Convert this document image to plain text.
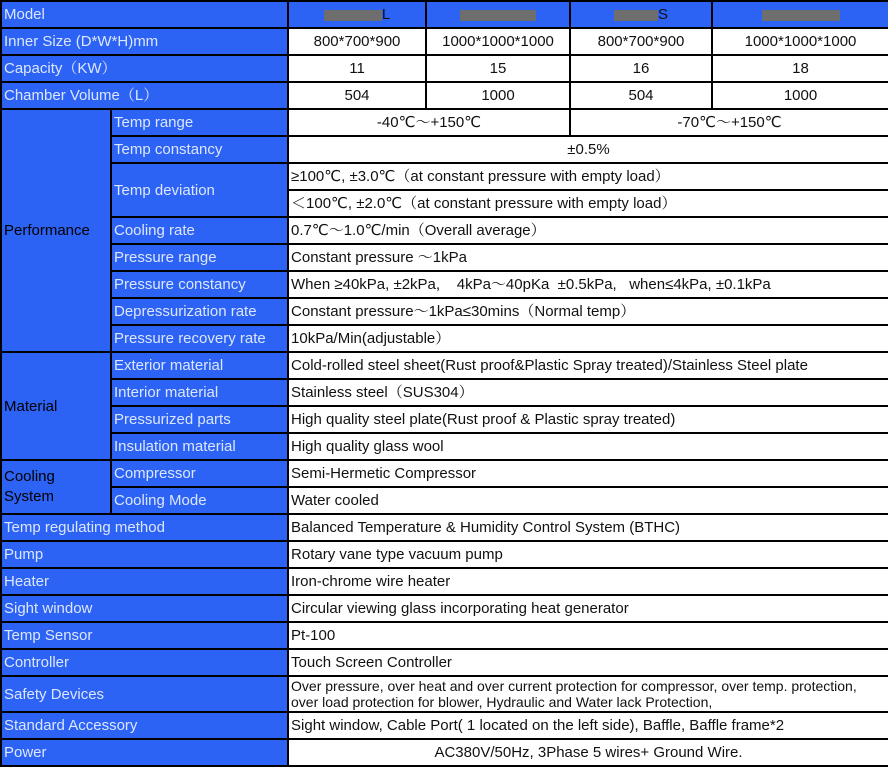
Model		L		S	
Inner Size (D*W*H)mm		800*700*900	1000*1000*1000	800*700*900	1000*1000*1000
Capacity（KW）		11	15	16	18
Chamber Volume（L）		504	1000	504	1000
Performance	Temp range	-40℃～+150℃		-70℃～+150℃	
	Temp constancy	±0.5%			
	Temp deviation	≥100℃, ±3.0℃（at constant pressure with empty load）			
		＜100℃, ±2.0℃（at constant pressure with empty load）			
	Cooling rate	0.7℃～1.0℃/min（Overall average）			
	Pressure range	Constant pressure ～1kPa			
	Pressure constancy	When ≥40kPa, ±2kPa,    4kPa～40pKa  ±0.5kPa,   when≤4kPa, ±0.1kPa			
	Depressurization rate	Constant pressure～1kPa≤30mins（Normal temp）			
	Pressure recovery rate	10kPa/Min(adjustable）			
Material	Exterior material	Cold-rolled steel sheet(Rust proof&Plastic Spray treated)/Stainless Steel plate			
	Interior material	Stainless steel（SUS304）			
	Pressurized parts	High quality steel plate(Rust proof & Plastic spray treated)			
	Insulation material	High quality glass wool			

Cooling
System	Compressor	Semi-Hermetic Compressor			
	Cooling Mode	Water cooled			
Temp regulating method		Balanced Temperature & Humidity Control System (BTHC)			
Pump		Rotary vane type vacuum pump			
Heater		Iron-chrome wire heater			
Sight window		Circular viewing glass incorporating heat generator			
Temp Sensor		Pt-100			
Controller		Touch Screen Controller			
Safety Devices		Over pressure, over heat and over current protection for compressor, over temp. protection, over load protection for blower, Hydraulic and Water lack Protection,			
Standard Accessory		Sight window, Cable Port( 1 located on the left side), Baffle, Baffle frame*2			
Power		AC380V/50Hz, 3Phase 5 wires+ Ground Wire.			
